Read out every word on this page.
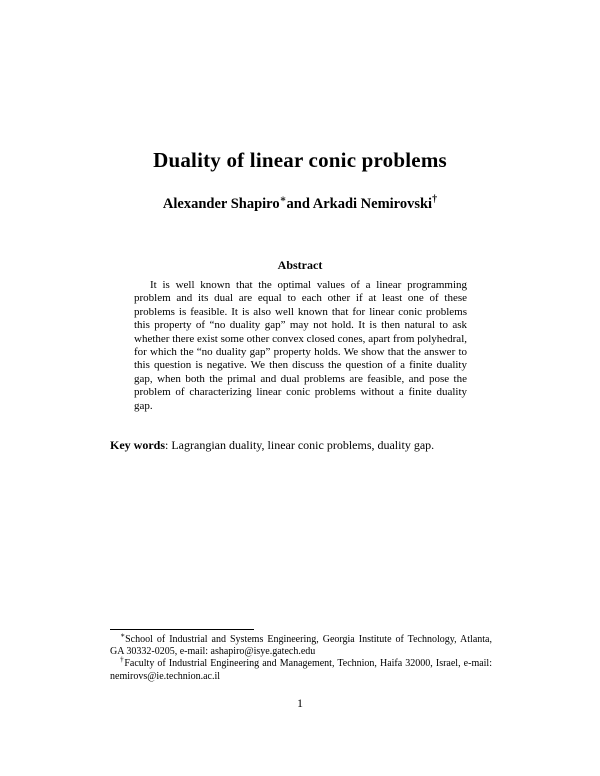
Duality of linear conic problems
Alexander Shapiro∗and Arkadi Nemirovski†
Abstract
It is well known that the optimal values of a linear programming problem and its dual are equal to each other if at least one of these problems is feasible. It is also well known that for linear conic problems this property of “no duality gap” may not hold. It is then natural to ask whether there exist some other convex closed cones, apart from polyhedral, for which the “no duality gap” property holds. We show that the answer to this question is negative. We then discuss the question of a finite duality gap, when both the primal and dual problems are feasible, and pose the problem of characterizing linear conic problems without a finite duality gap.
Key words: Lagrangian duality, linear conic problems, duality gap.

∗School of Industrial and Systems Engineering, Georgia Institute of Technology, Atlanta, GA 30332-0205, e-mail: ashapiro@isye.gatech.edu

†Faculty of Industrial Engineering and Management, Technion, Haifa 32000, Israel, e-mail: nemirovs@ie.technion.ac.il

1
